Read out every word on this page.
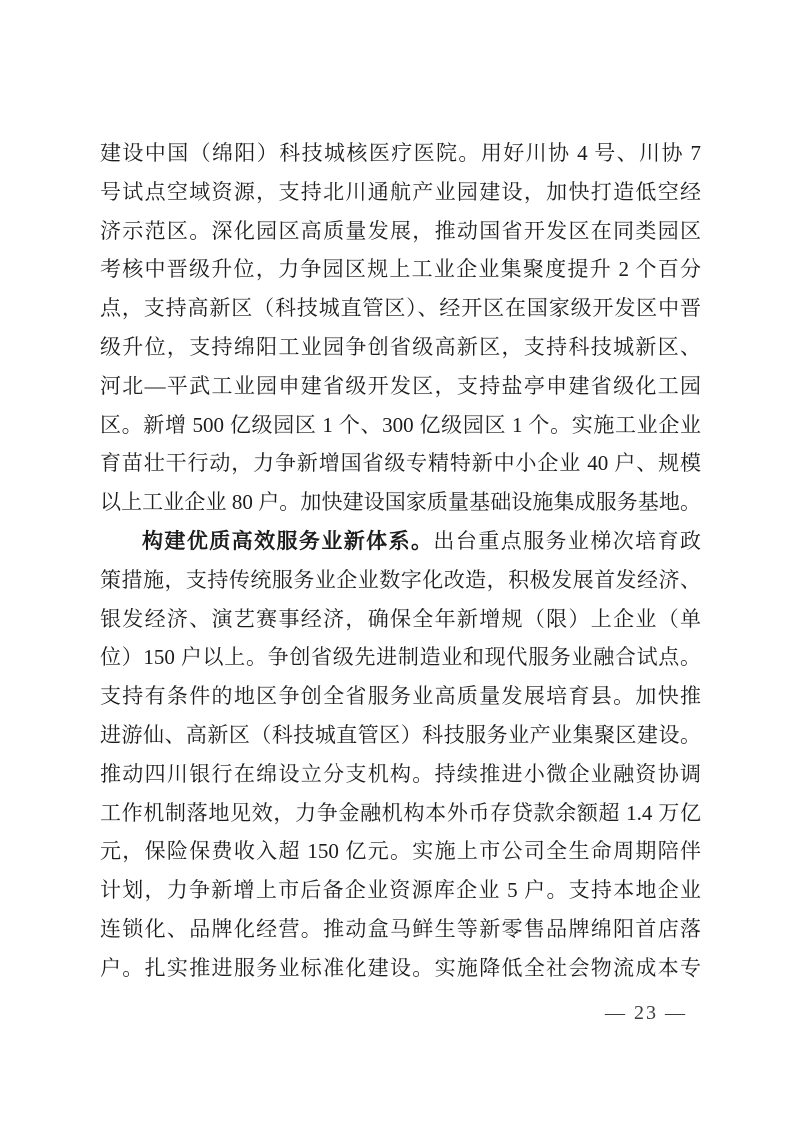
建设中国（绵阳）科技城核医疗医院。用好川协 4 号、川协 7
号试点空域资源，支持北川通航产业园建设，加快打造低空经
济示范区。深化园区高质量发展，推动国省开发区在同类园区
考核中晋级升位，力争园区规上工业企业集聚度提升 2 个百分
点，支持高新区（科技城直管区）、经开区在国家级开发区中晋
级升位，支持绵阳工业园争创省级高新区，支持科技城新区、
河北—平武工业园申建省级开发区，支持盐亭申建省级化工园
区。新增 500 亿级园区 1 个、300 亿级园区 1 个。实施工业企业
育苗壮干行动，力争新增国省级专精特新中小企业 40 户、规模
以上工业企业 80 户。加快建设国家质量基础设施集成服务基地。
构建优质高效服务业新体系。出台重点服务业梯次培育政
策措施，支持传统服务业企业数字化改造，积极发展首发经济、
银发经济、演艺赛事经济，确保全年新增规（限）上企业（单
位）150 户以上。争创省级先进制造业和现代服务业融合试点。
支持有条件的地区争创全省服务业高质量发展培育县。加快推
进游仙、高新区（科技城直管区）科技服务业产业集聚区建设。
推动四川银行在绵设立分支机构。持续推进小微企业融资协调
工作机制落地见效，力争金融机构本外币存贷款余额超 1.4 万亿
元，保险保费收入超 150 亿元。实施上市公司全生命周期陪伴
计划，力争新增上市后备企业资源库企业 5 户。支持本地企业
连锁化、品牌化经营。推动盒马鲜生等新零售品牌绵阳首店落
户。扎实推进服务业标准化建设。实施降低全社会物流成本专
— 23 —
